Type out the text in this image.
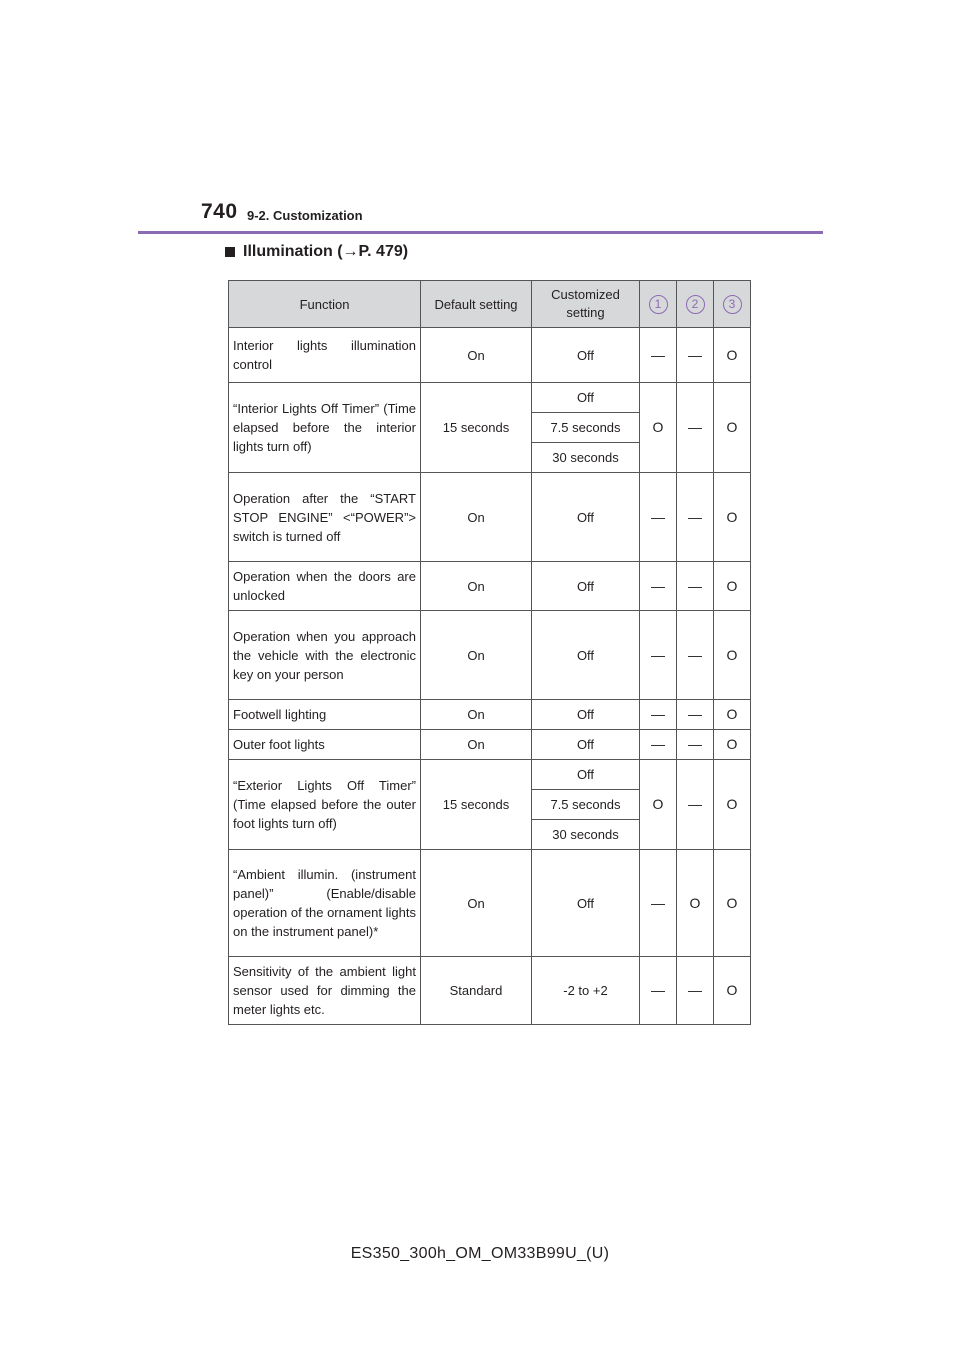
740 9-2. Customization
Illumination (→P. 479)
Function	Default setting	Customized setting	1	2	3
Interior lights illumination control	On	Off	—	—	O
“Interior Lights Off Timer” (Time elapsed before the interior lights turn off)	15 seconds	Off	O	—	O
		7.5 seconds			
		30 seconds			
Operation after the “START STOP ENGINE” <“POWER”> switch is turned off	On	Off	—	—	O
Operation when the doors are unlocked	On	Off	—	—	O
Operation when you approach the vehicle with the electronic key on your person	On	Off	—	—	O
Footwell lighting	On	Off	—	—	O
Outer foot lights	On	Off	—	—	O
“Exterior Lights Off Timer” (Time elapsed before the outer foot lights turn off)	15 seconds	Off	O	—	O
		7.5 seconds			
		30 seconds			
“Ambient illumin. (instrument panel)” (Enable/disable operation of the ornament lights on the instrument panel)*	On	Off	—	O	O
Sensitivity of the ambient light sensor used for dimming the meter lights etc.	Standard	-2 to +2	—	—	O
ES350_300h_OM_OM33B99U_(U)
